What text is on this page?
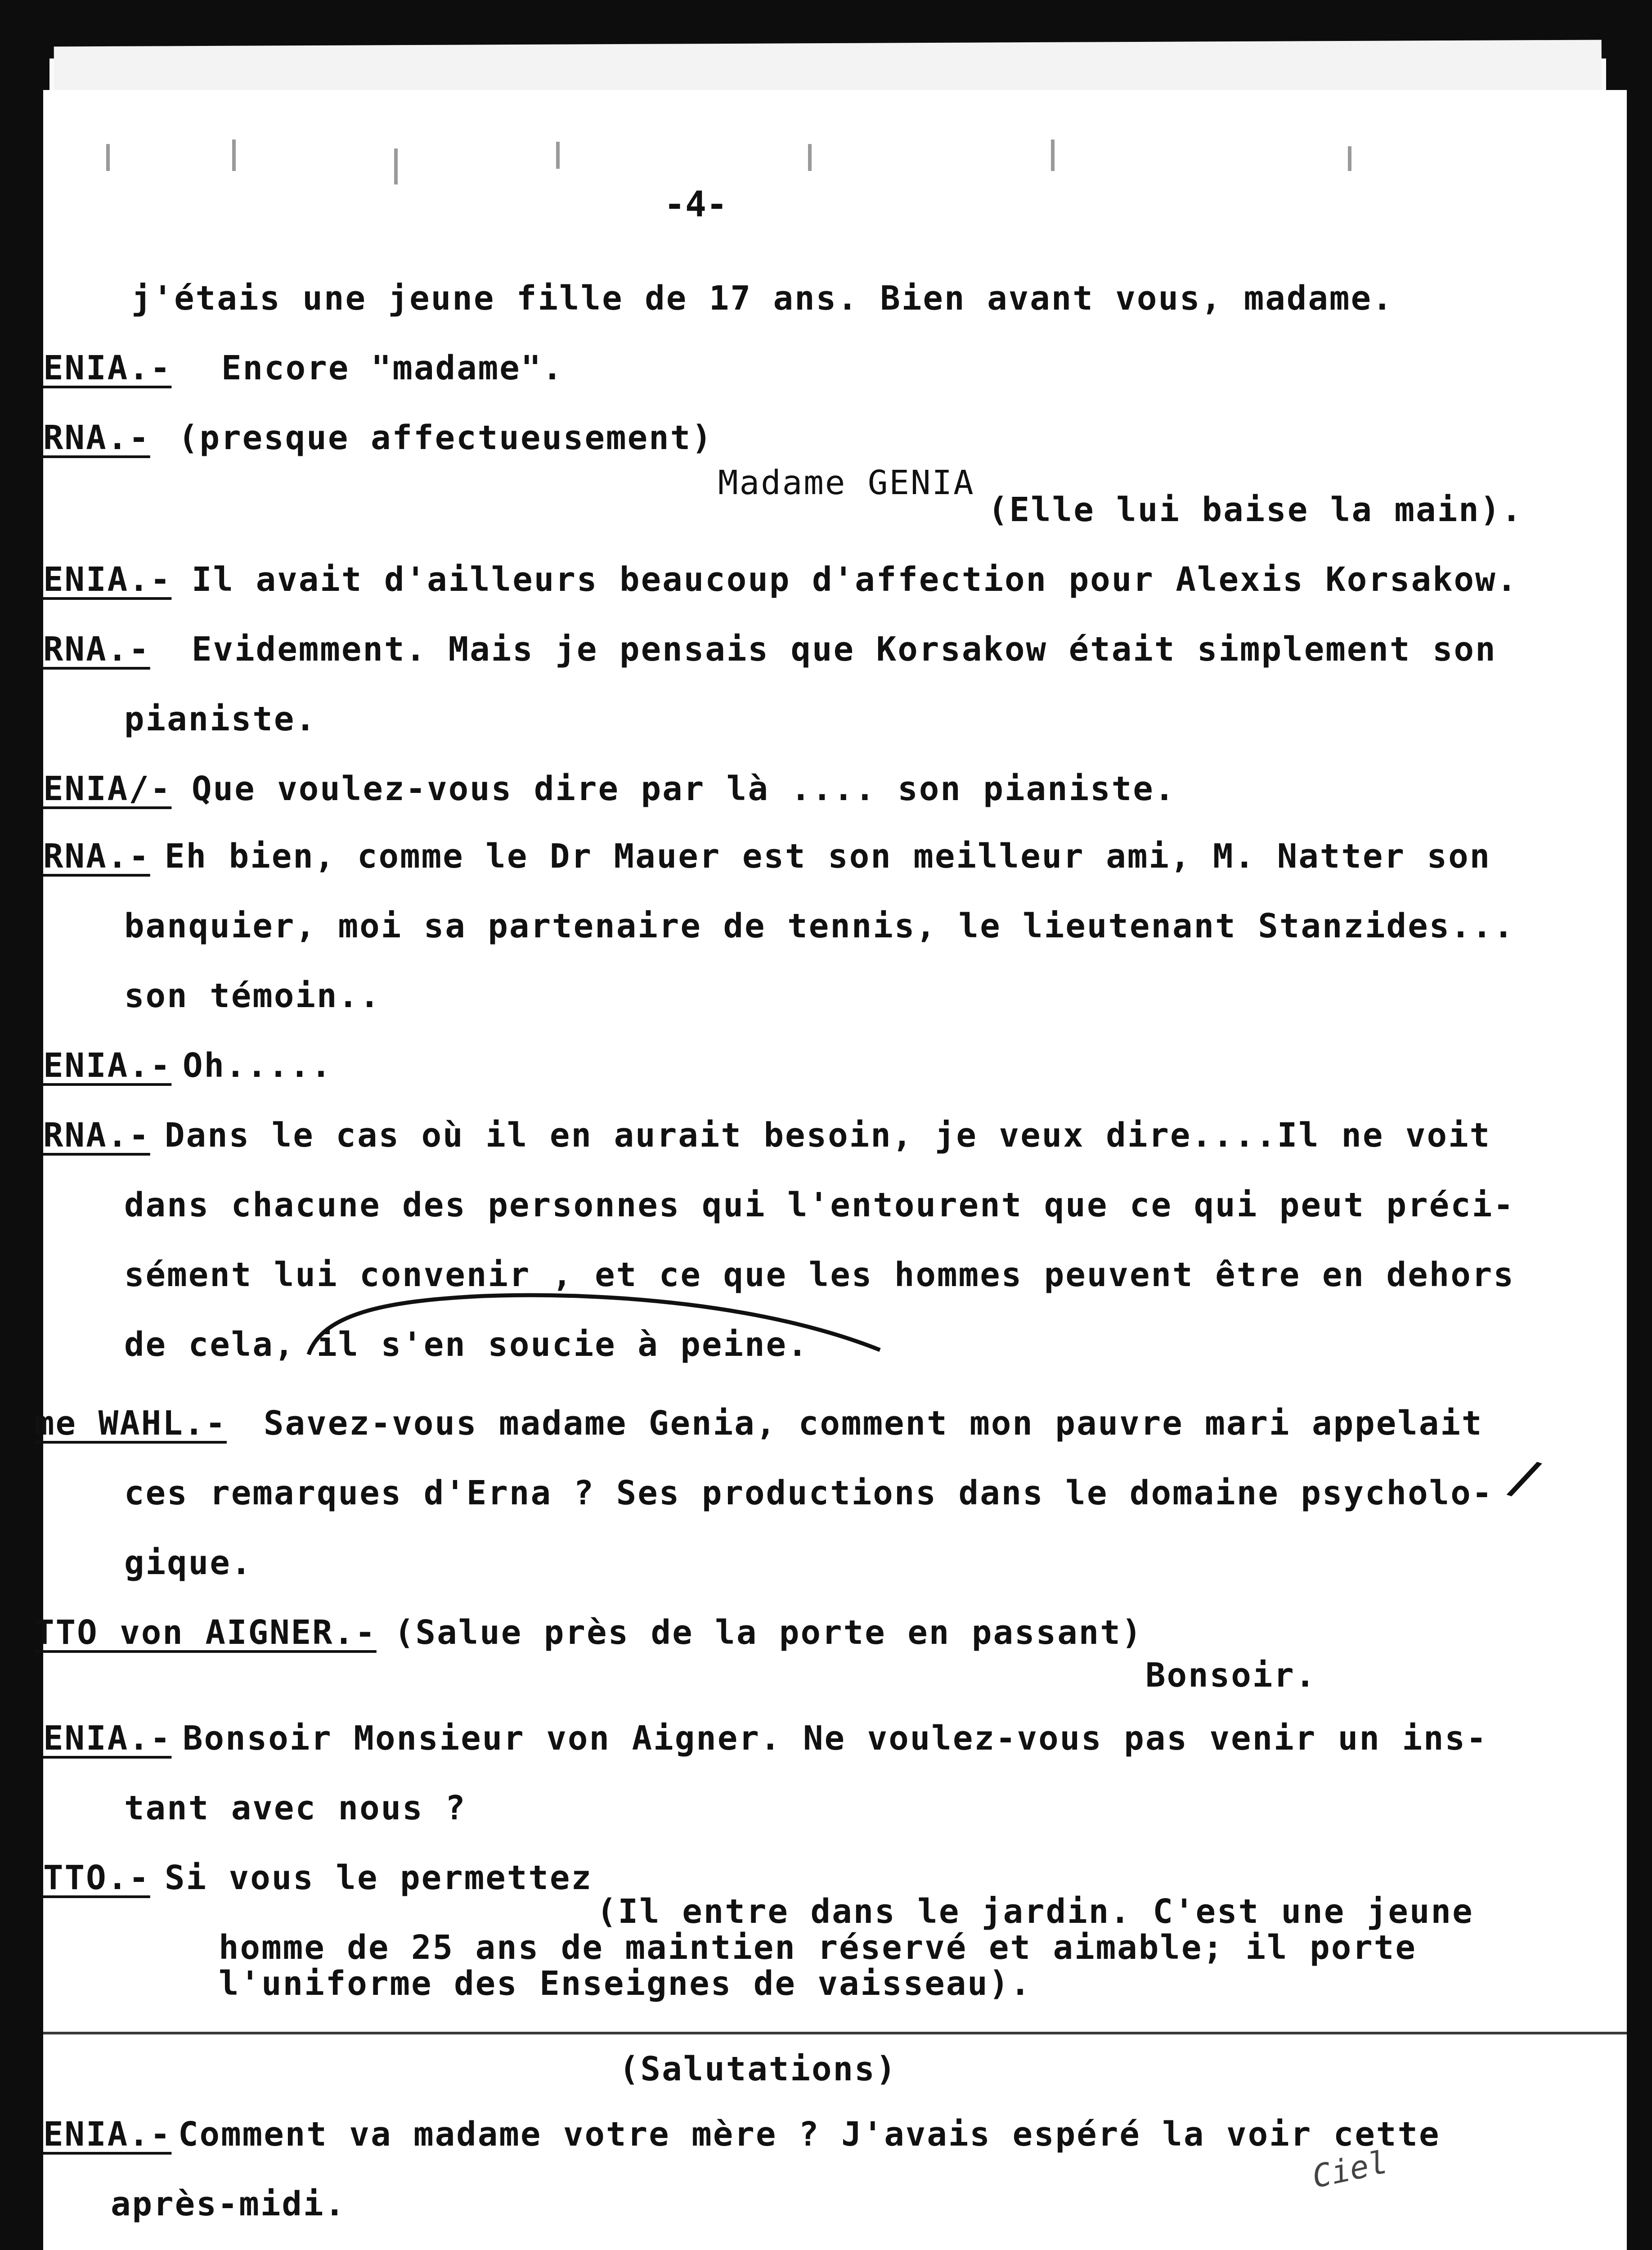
-4-
j'étais une jeune fille de 17 ans. Bien avant vous, madame.
ENIA.- Encore "madame".
RNA.- (presque affectueusement)
Madame GENIA
(Elle lui baise la main).
ENIA.- Il avait d'ailleurs beaucoup d'affection pour Alexis Korsakow.
RNA.- Evidemment. Mais je pensais que Korsakow était simplement son
pianiste.
ENIA/- Que voulez-vous dire par là .... son pianiste.
RNA.- Eh bien, comme le Dr Mauer est son meilleur ami, M. Natter son
banquier, moi sa partenaire de tennis, le lieutenant Stanzides...
son témoin..
ENIA.- Oh.....
RNA.- Dans le cas où il en aurait besoin, je veux dire....Il ne voit
dans chacune des personnes qui l'entourent que ce qui peut préci-
sément lui convenir , et ce que les hommes peuvent être en dehors
de cela, il s'en soucie à peine.
me WAHL.- Savez-vous madame Genia, comment mon pauvre mari appelait
ces remarques d'Erna ? Ses productions dans le domaine psycholo-
gique.
/
TTO von AIGNER.- (Salue près de la porte en passant)
Bonsoir.
ENIA.- Bonsoir Monsieur von Aigner. Ne voulez-vous pas venir un ins-
tant avec nous ?
TTO.- Si vous le permettez
(Il entre dans le jardin. C'est une jeune
homme de 25 ans de maintien réservé et aimable; il porte
l'uniforme des Enseignes de vaisseau).
(Salutations)
ENIA.- Comment va madame votre mère ? J'avais espéré la voir cette
après-midi.
Ciel
